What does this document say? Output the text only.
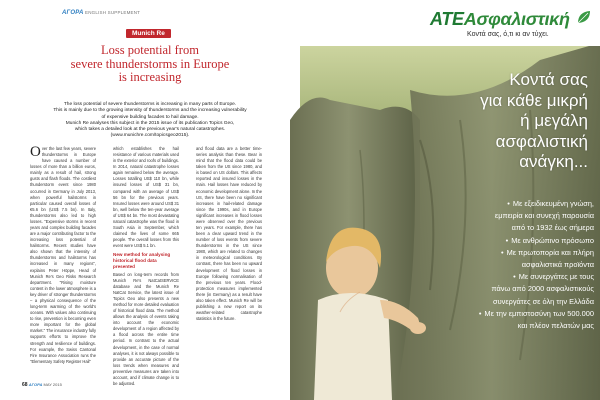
ΑΓΟΡΑ ENGLISH SUPPLEMENT
Munich Re
Loss potential from
severe thunderstorms in Europe
is increasing
The loss potential of severe thunderstorms is increasing in many parts of Europe.
This is mainly due to the growing intensity of thunderstorms and the increasing vulnerability
of expensive building facades to hail damage.
Munich Re analyses this subject in the 2015 issue of its publication Topics Geo,
which takes a detailed look at the previous year's natural catastrophes.
(www.munichre.com/topicsgeo2015).
O ver the last few years, severe thunderstorms in Europe have caused a number of losses of more than a billion euros, mainly as a result of hail, strong gusts and flash floods. The costliest thunderstorm event since 1980 occurred in Germany in July 2013, when powerful hailstorms in particular caused overall losses of €5.6 bn (US$ 7.5 bn). In Italy, thunderstorms also led to high losses. "Expensive storms in recent years and complex building facades are a major contributing factor to the increasing loss potential of hailstorms. Recent studies have also shown that the intensity of thunderstorms and hailstorms has increased in many regions", explains Peter Höppe, Head of Munich Re's Geo Risks Research department. "Rising moisture content in the lower atmosphere is a key driver of stronger thunderstorms – a physical consequence of the long-term warming of the world's oceans. With values also continuing to rise, prevention is becoming even more important for the global market." The insurance industry fully supports efforts to improve the strength and resilience of buildings. For example, the Swiss Cantonal Fire Insurance Association runs the "Elementary Safety Register Hail"
which establishes the hail resistance of various materials used in the exterior and roofs of buildings. In 2014, natural catastrophe losses again remained below the average. Losses totalling US$ 110 bn, while insured losses of US$ 31 bn, compared with an average of US$ 56 bn for the previous years. Insured losses were around US$ 31 bn, well below the ten-year average of US$ 64 bn. The most devastating natural catastrophe was the flood in South Asia in September, which claimed the lives of some 665 people. The overall losses from this event were US$ 5.1 bn.
New method for analysing historical flood data presented
Based on long-term records from Munich Re's NatCatSERVICE database and the Munich Re NatCat Service, the latest issue of Topics Geo also presents a new method for more detailed evaluation of historical flood data. The method allows the analysis of events taking into account the economic development of a region affected by a flood across the entire time period. In contrast to the actual development, in the case of normal analyses, it is not always possible to provide an accurate picture of the loss trends when measures and preventive measures are taken into account, and if climate change is to be adjusted.
and flood data are a better time-series analysis than these. Bear in mind that the flood data could be taken from the US since 1980, and is based on US dollars. This affects reported and insured losses in the main. Hail losses have reduced by economic development alone. In the US, there have been no significant increases in hail-related damage since the 1990s, and in Europe significant increases in flood losses were observed over the previous ten years. For example, there has been a clear upward trend in the number of loss events from severe thunderstorms in the US since 1980, which are related to changes in meteorological conditions. By contrast, there has been no upward development of flood losses in Europe following normalisation of the previous ten years. Flood-protection measures implemented there (in Germany) as a result have also taken effect. Munich Re will be publishing a new report on its weather-related catastrophe statistics in the future.
68 ΑΓΟΡΑ MAY 2015
ATEΑσφαλιστική
Κοντά σας, ό,τι κι αν τύχει.
Κοντά σας
για κάθε μικρή
ή μεγάλη
ασφαλιστική
ανάγκη...
• Με εξειδικευμένη γνώση,
εμπειρία και συνεχή παρουσία
από το 1932 έως σήμερα
• Με ανθρώπινο πρόσωπο
• Με πρωτοπορία και πλήρη
ασφαλιστικά προϊόντα
• Με συνεργάτες με τους
πάνω από 2000 ασφαλιστικούς
συνεργάτες σε όλη την Ελλάδα
• Με την εμπιστοσύνη των 500.000
και πλέον πελατών μας
